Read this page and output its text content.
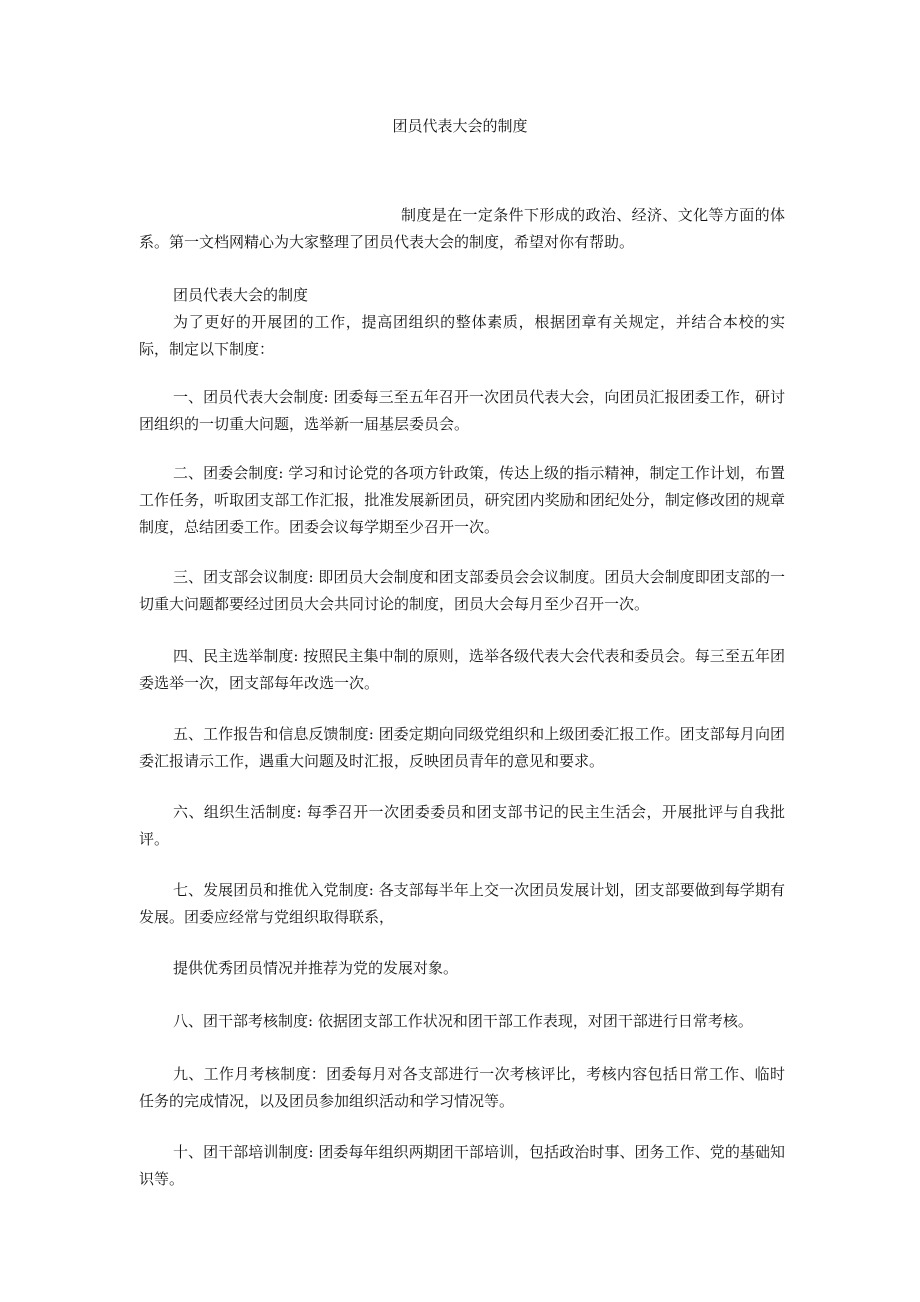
团员代表大会的制度
制度是在一定条件下形成的政治、经济、文化等方面的体系。第一文档网精心为大家整理了团员代表大会的制度，希望对你有帮助。
团员代表大会的制度

为了更好的开展团的工作，提高团组织的整体素质，根据团章有关规定，并结合本校的实际，制定以下制度：

一、团员代表大会制度: 团委每三至五年召开一次团员代表大会，向团员汇报团委工作，研讨团组织的一切重大问题，选举新一届基层委员会。

二、团委会制度: 学习和讨论党的各项方针政策，传达上级的指示精神，制定工作计划，布置工作任务，听取团支部工作汇报，批准发展新团员，研究团内奖励和团纪处分，制定修改团的规章制度，总结团委工作。团委会议每学期至少召开一次。

三、团支部会议制度: 即团员大会制度和团支部委员会会议制度。团员大会制度即团支部的一切重大问题都要经过团员大会共同讨论的制度，团员大会每月至少召开一次。

四、民主选举制度: 按照民主集中制的原则，选举各级代表大会代表和委员会。每三至五年团委选举一次，团支部每年改选一次。

五、工作报告和信息反馈制度: 团委定期向同级党组织和上级团委汇报工作。团支部每月向团委汇报请示工作，遇重大问题及时汇报，反映团员青年的意见和要求。

六、组织生活制度: 每季召开一次团委委员和团支部书记的民主生活会，开展批评与自我批评。

七、发展团员和推优入党制度: 各支部每半年上交一次团员发展计划，团支部要做到每学期有发展。团委应经常与党组织取得联系，

提供优秀团员情况并推荐为党的发展对象。

八、团干部考核制度: 依据团支部工作状况和团干部工作表现，对团干部进行日常考核。

九、工作月考核制度：团委每月对各支部进行一次考核评比，考核内容包括日常工作、临时任务的完成情况，以及团员参加组织活动和学习情况等。

十、团干部培训制度: 团委每年组织两期团干部培训，包括政治时事、团务工作、党的基础知识等。
